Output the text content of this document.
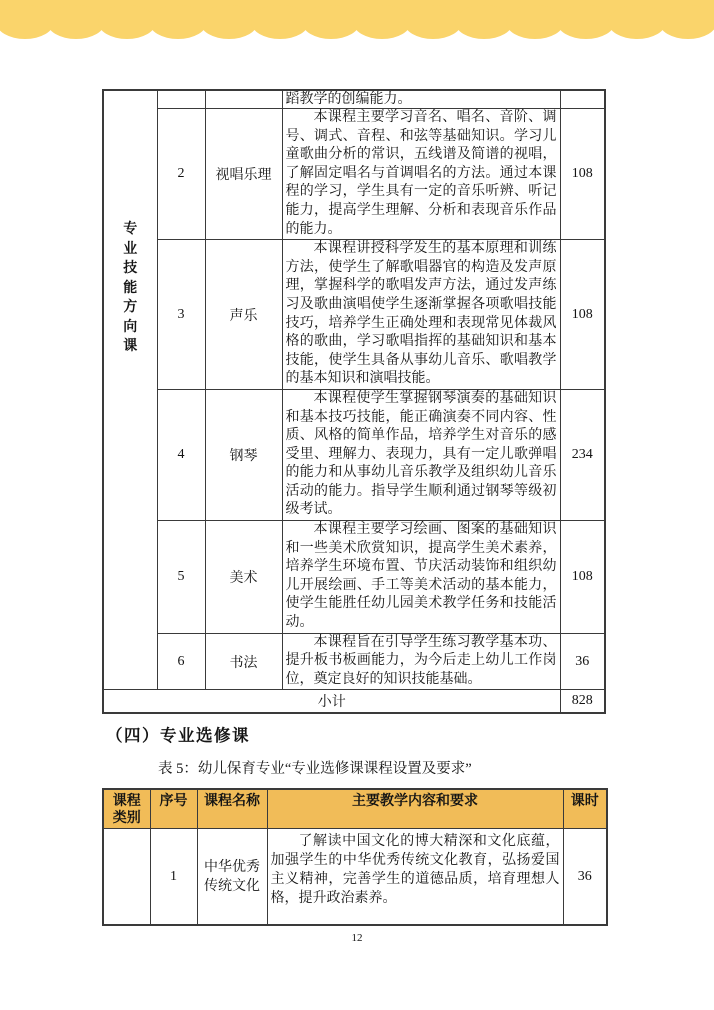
专业技能方向课			蹈教学的创编能力。	
	2	视唱乐理	本课程主要学习音名、唱名、音阶、调号、调式、音程、和弦等基础知识。学习儿童歌曲分析的常识，五线谱及简谱的视唱，了解固定唱名与首调唱名的方法。通过本课程的学习，学生具有一定的音乐听辨、听记能力，提高学生理解、分析和表现音乐作品的能力。	108
	3	声乐	本课程讲授科学发生的基本原理和训练方法，使学生了解歌唱器官的构造及发声原理，掌握科学的歌唱发声方法，通过发声练习及歌曲演唱使学生逐渐掌握各项歌唱技能技巧，培养学生正确处理和表现常见体裁风格的歌曲，学习歌唱指挥的基础知识和基本技能，使学生具备从事幼儿音乐、歌唱教学的基本知识和演唱技能。	108
	4	钢琴	本课程使学生掌握钢琴演奏的基础知识和基本技巧技能，能正确演奏不同内容、性质、风格的简单作品，培养学生对音乐的感受里、理解力、表现力，具有一定儿歌弹唱的能力和从事幼儿音乐教学及组织幼儿音乐活动的能力。指导学生顺利通过钢琴等级初级考试。	234
	5	美术	本课程主要学习绘画、图案的基础知识和一些美术欣赏知识，提高学生美术素养，培养学生环境布置、节庆活动装饰和组织幼儿开展绘画、手工等美术活动的基本能力，使学生能胜任幼儿园美术教学任务和技能活动。	108
	6	书法	本课程旨在引导学生练习教学基本功、提升板书板画能力，为今后走上幼儿工作岗位，奠定良好的知识技能基础。	36
小计				828
（四）专业选修课
表 5：幼儿保育专业“专业选修课课程设置及要求”
课程类别	序号	课程名称	主要教学内容和要求	课时
	1	中华优秀传统文化	了解读中国文化的博大精深和文化底蕴，加强学生的中华优秀传统文化教育，弘扬爱国主义精神，完善学生的道德品质，培育理想人格，提升政治素养。	36
12
